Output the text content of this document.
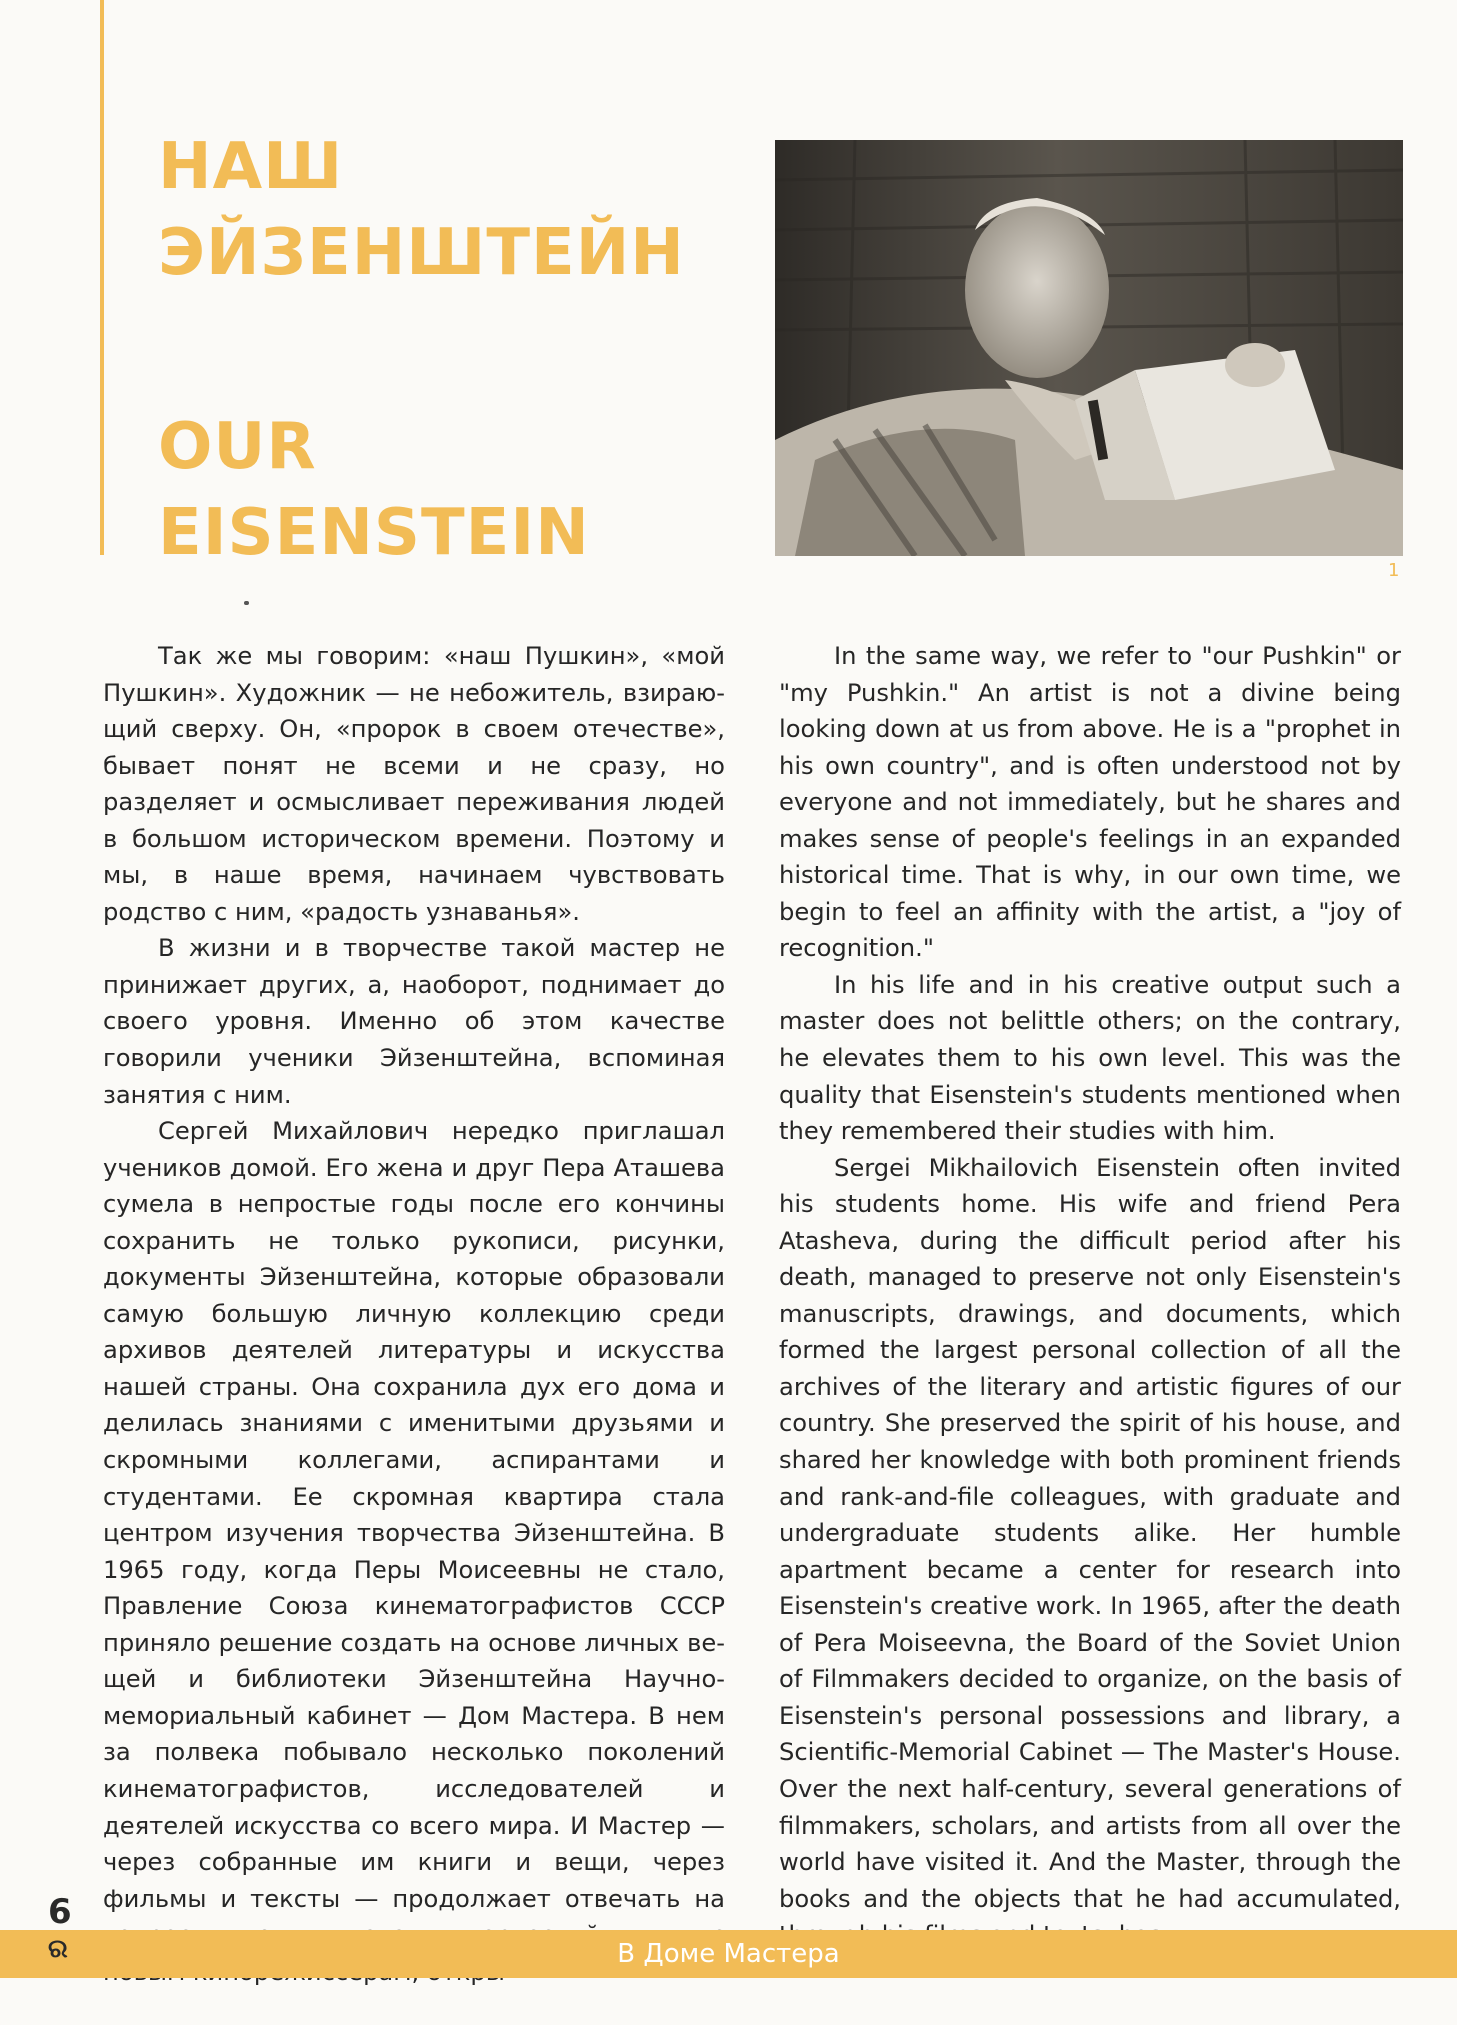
НАШ
ЭЙЗЕНШТЕЙН
OUR
EISENSTEIN
1

Так же мы говорим: «наш Пушкин», «мой Пушкин». Художник — не небожитель, взирающий сверху. Он, «пророк в своем отечестве», бывает понят не всеми и не сразу, но разделяет и осмысливает переживания людей в большом историческом времени. Поэтому и мы, в наше время, начинаем чувствовать родство с ним, «радость узнаванья».

В жизни и в творчестве такой мастер не принижает других, а, наоборот, поднимает до своего уровня. Именно об этом качестве говорили ученики Эйзенштейна, вспоминая занятия с ним.

Сергей Михайлович нередко приглашал учеников домой. Его жена и друг Пера Аташева сумела в непростые годы после его кончины сохранить не только рукописи, рисунки, документы Эйзенштейна, которые образовали самую большую личную коллекцию среди архивов деятелей литературы и искусства нашей страны. Она сохранила дух его дома и делилась знаниями с именитыми друзьями и скромными коллегами, аспирантами и студентами. Ее скромная квартира стала центром изучения творчества Эйзенштейна. В 1965 году, когда Перы Моисеевны не стало, Правление Союза кинематографистов СССР приняло решение создать на основе личных вещей и библиотеки Эйзенштейна Научно-мемориальный кабинет — Дом Мастера. В нем за полвека побывало несколько поколений кинематографистов, исследователей и деятелей искусства со всего мира. И Мастер — через собранные им книги и вещи, через фильмы и тексты — продолжает отвечать на

In the same way, we refer to "our Pushkin" or "my Pushkin." An artist is not a divine being looking down at us from above. He is a "prophet in his own country", and is often understood not by everyone and not immediately, but he shares and makes sense of people's feelings in an expanded historical time. That is why, in our own time, we begin to feel an affinity with the artist, a "joy of recognition."

In his life and in his creative output such a master does not belittle others; on the contrary, he elevates them to his own level. This was the quality that Eisenstein's students mentioned when they remembered their studies with him.

Sergei Mikhailovich Eisenstein often invited his students home. His wife and friend Pera Atasheva, during the difficult period after his death, managed to preserve not only Eisenstein's manuscripts, drawings, and documents, which formed the largest personal collection of all the archives of the literary and artistic figures of our country. She preserved the spirit of his house, and shared her knowledge with both prominent friends and rank-and-file colleagues, with graduate and undergraduate students alike. Her humble apartment became a center for research into Eisenstein's creative work. In 1965, after the death of Pera Moiseevna, the Board of the Soviet Union of Filmmakers decided to organize, on the basis of Eisenstein's personal possessions and library, a Scientific-Memorial Cabinet — The Master's House. Over the next half-century, several generations of filmmakers, scholars, and artists from all over the world have visited it. And the Master, through the books and the objects that he had accumulated,

В Доме Мастера
6
ର
